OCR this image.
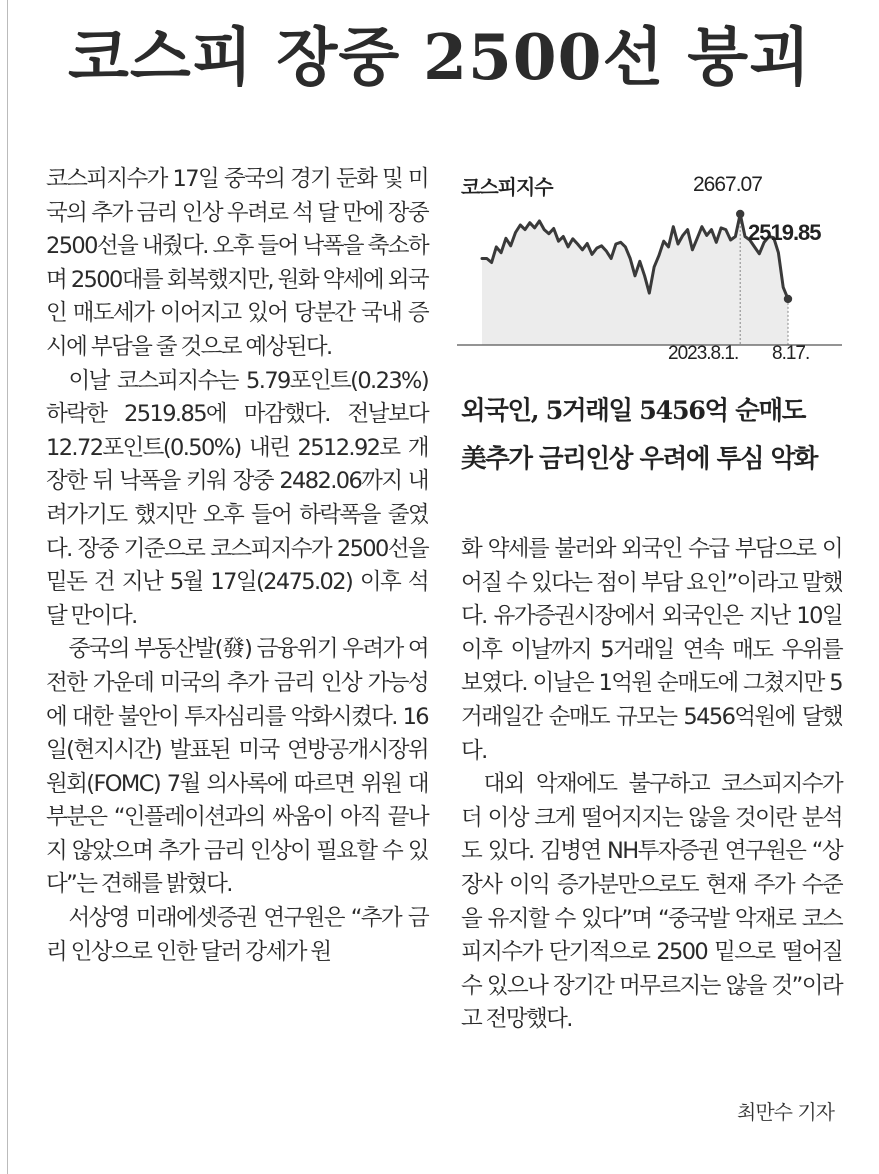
코스피 장중 2500선 붕괴

코스피지수가 17일 중국의 경기 둔화 및 미국의 추가 금리 인상 우려로 석 달 만에 장중 2500선을 내줬다. 오후 들어 낙폭을 축소하며 2500대를 회복했지만, 원화 약세에 외국인 매도세가 이어지고 있어 당분간 국내 증시에 부담을 줄 것으로 예상된다.

이날 코스피지수는 5.79포인트(0.23%) 하락한 2519.85에 마감했다. 전날보다 12.72포인트(0.50%) 내린 2512.92로 개장한 뒤 낙폭을 키워 장중 2482.06까지 내려가기도 했지만 오후 들어 하락폭을 줄였다. 장중 기준으로 코스피지수가 2500선을 밑돈 건 지난 5월 17일(2475.02) 이후 석 달 만이다.

중국의 부동산발(發) 금융위기 우려가 여전한 가운데 미국의 추가 금리 인상 가능성에 대한 불안이 투자심리를 악화시켰다. 16일(현지시간) 발표된 미국 연방공개시장위원회(FOMC) 7월 의사록에 따르면 위원 대부분은 “인플레이션과의 싸움이 아직 끝나지 않았으며 추가 금리 인상이 필요할 수 있다”는 견해를 밝혔다.

서상영 미래에셋증권 연구원은 “추가 금리 인상으로 인한 달러 강세가 원

코스피지수	2667.07
2519.85
2023.8.1. 8.17.
외국인, 5거래일 5456억 순매도
美추가 금리인상 우려에 투심 악화

화 약세를 불러와 외국인 수급 부담으로 이어질 수 있다는 점이 부담 요인”이라고 말했다. 유가증권시장에서 외국인은 지난 10일 이후 이날까지 5거래일 연속 매도 우위를 보였다. 이날은 1억원 순매도에 그쳤지만 5거래일간 순매도 규모는 5456억원에 달했다.

대외 악재에도 불구하고 코스피지수가 더 이상 크게 떨어지지는 않을 것이란 분석도 있다. 김병연 NH투자증권 연구원은 “상장사 이익 증가분만으로도 현재 주가 수준을 유지할 수 있다”며 “중국발 악재로 코스피지수가 단기적으로 2500 밑으로 떨어질 수 있으나 장기간 머무르지는 않을 것”이라고 전망했다.

최만수 기자
